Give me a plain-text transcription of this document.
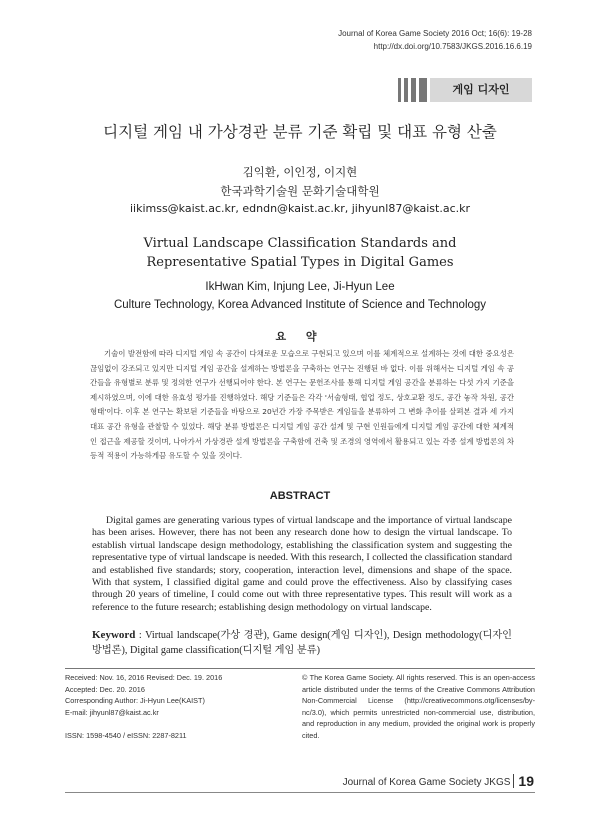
Journal of Korea Game Society 2016 Oct; 16(6): 19-28
http://dx.doi.org/10.7583/JKGS.2016.16.6.19
게임 디자인
디지털 게임 내 가상경관 분류 기준 확립 및 대표 유형 산출
김익환, 이인정, 이지현
한국과학기술원 문화기술대학원
iikimss@kaist.ac.kr, edndn@kaist.ac.kr, jihyunl87@kaist.ac.kr
Virtual Landscape Classification Standards and
Representative Spatial Types in Digital Games
IkHwan Kim, Injung Lee, Ji-Hyun Lee
Culture Technology, Korea Advanced Institute of Science and Technology
요 약

기술이 발전함에 따라 디지털 게임 속 공간이 다채로운 모습으로 구현되고 있으며 이를 체계적으로 설계하는 것에 대한 중요성은 끊임없이 강조되고 있지만 디지털 게임 공간을 설계하는 방법론을 구축하는 연구는 진행된 바 없다. 이를 위해서는 디지털 게임 속 공간들을 유형별로 분류 및 정의한 연구가 선행되어야 한다. 본 연구는 문헌조사를 통해 디지털 게임 공간을 분류하는 다섯 가지 기준을 제시하였으며, 이에 대한 유효성 평가를 진행하였다. 해당 기준들은 각각 '서술형태, 협업 정도, 상호교환 정도, 공간 놓작 차원, 공간 형태'이다. 이후 본 연구는 확보된 기준들을 바탕으로 20년간 가장 주목받은 게임들을 분류하여 그 변화 추이를 살펴본 결과 세 가지 대표 공간 유형을 관찰할 수 있었다. 해당 분류 방법론은 디지털 게임 공간 설계 및 구현 인원들에게 디지털 게임 공간에 대한 체계적인 접근을 제공할 것이며, 나아가서 가상경관 설계 방법론을 구축함에 건축 및 조경의 영역에서 활용되고 있는 각종 설계 방법론의 차등적 적용이 가능하게끔 유도할 수 있을 것이다.

ABSTRACT

Digital games are generating various types of virtual landscape and the importance of virtual landscape has been arises. However, there has not been any research done how to design the virtual landscape. To establish virtual landscape design methodology, establishing the classification system and suggesting the representative type of virtual landscape is needed. With this research, I collected the classification standard and established five standards; story, cooperation, interaction level, dimensions and shape of the space. With that system, I classified digital game and could prove the effectiveness. Also by classifying cases through 20 years of timeline, I could come out with three representative types. This result will work as a reference to the future research; establishing design methodology on virtual landscape.

Keyword : Virtual landscape(가상 경관), Game design(게임 디자인), Design methodology(디자인 방법론), Digital game classification(디지털 게임 분류)

Received: Nov. 16, 2016 Revised: Dec. 19. 2016
Accepted: Dec. 20. 2016
Corresponding Author: Ji-Hyun Lee(KAIST)
E-mail: jihyunl87@kaist.ac.kr
ISSN: 1598-4540 / eISSN: 2287-8211

© The Korea Game Society. All rights reserved. This is an open-access article distributed under the terms of the Creative Commons Attribution Non-Commercial License (http://creativecommons.otg/licenses/by-nc/3.0), which permits unrestricted non-commercial use, distribution, and reproduction in any medium, provided the original work is properly cited.

Journal of Korea Game Society JKGS 19
